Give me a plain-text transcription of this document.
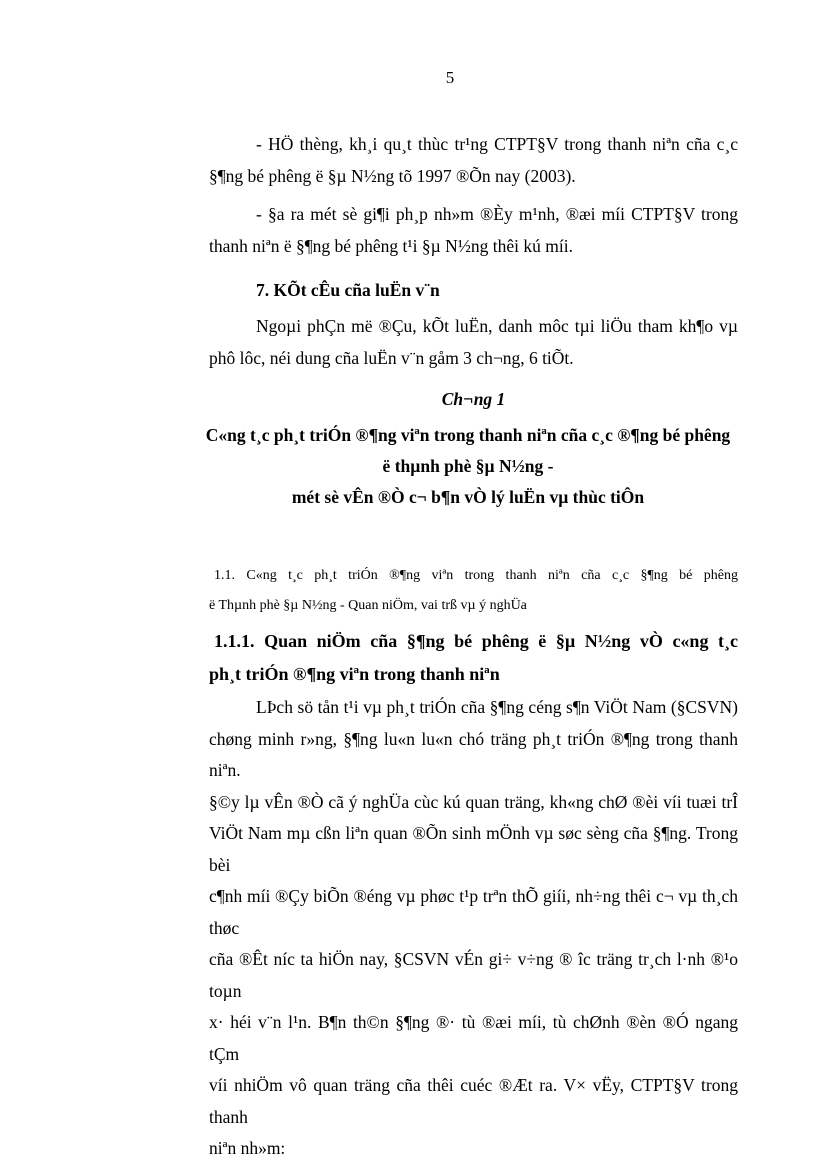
5
- HÖ thèng, kh¸i qu¸t thùc tr¹ng CTPT§V trong thanh niªn cña c¸c
§¶ng bé phêng ë §µ N½ng tõ 1997 ®Õn nay (2003).
- §a ra mét sè gi¶i ph¸p nh»m ®Èy m¹nh, ®æi míi CTPT§V trong
thanh niªn ë §¶ng bé phêng t¹i §µ N½ng thêi kú míi.
7. KÕt cÊu cña luËn v¨n
Ngoµi phÇn më ®Çu, kÕt luËn, danh môc tµi liÖu tham kh¶o vµ
phô lôc, néi dung cña luËn v¨n gåm 3 ch¬ng, 6 tiÕt.
Ch¬ng 1
C«ng t¸c ph¸t triÓn ®¶ng viªn trong thanh niªn cña c¸c ®¶ng bé phêng
ë thµnh phè §µ N½ng -
mét sè vÊn ®Ò c¬ b¶n vÒ lý luËn vµ thùc tiÔn
1.1. C«ng t¸c ph¸t triÓn ®¶ng viªn trong thanh niªn cña c¸c §¶ng bé phêng
ë Thµnh phè §µ N½ng - Quan niÖm, vai trß vµ ý nghÜa
1.1.1. Quan niÖm cña §¶ng bé phêng ë §µ N½ng vÒ c«ng t¸c
ph¸t triÓn ®¶ng viªn trong thanh niªn
LÞch sö tån t¹i vµ ph¸t triÓn cña §¶ng céng s¶n ViÖt Nam (§CSVN)
chøng minh r»ng, §¶ng lu«n lu«n chó träng ph¸t triÓn ®¶ng trong thanh niªn.
§©y lµ vÊn ®Ò cã ý nghÜa cùc kú quan träng, kh«ng chØ ®èi víi tuæi trÎ
ViÖt Nam mµ cßn liªn quan ®Õn sinh mÖnh vµ søc sèng cña §¶ng. Trong bèi
c¶nh míi ®Çy biÕn ®éng vµ phøc t¹p trªn thÕ giíi, nh÷ng thêi c¬ vµ th¸ch thøc
cña ®Êt níc ta hiÖn nay, §CSVN vÉn gi÷ v÷ng ® îc träng tr¸ch l·nh ®¹o toµn
x· héi v¨n l¹n. B¶n th©n §¶ng ®· tù ®æi míi, tù chØnh ®èn ®Ó ngang tÇm
víi nhiÖm vô quan träng cña thêi cuéc ®Æt ra. V× vËy, CTPT§V trong thanh
niªn nh»m:
